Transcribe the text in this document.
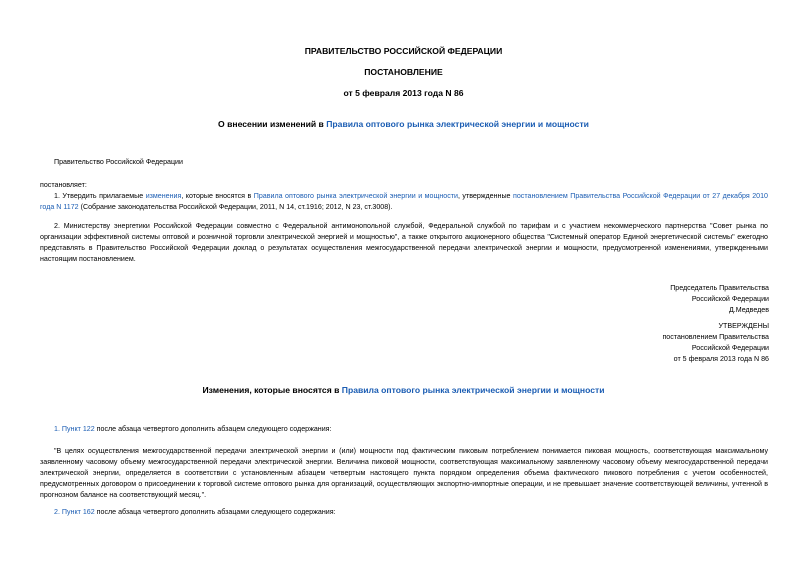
ПРАВИТЕЛЬСТВО РОССИЙСКОЙ ФЕДЕРАЦИИ
ПОСТАНОВЛЕНИЕ
от 5 февраля 2013 года N 86
О внесении изменений в Правила оптового рынка электрической энергии и мощности
Правительство Российской Федерации
постановляет:
1. Утвердить прилагаемые изменения, которые вносятся в Правила оптового рынка электрической энергии и мощности, утвержденные постановлением Правительства Российской Федерации от 27 декабря 2010 года N 1172 (Собрание законодательства Российской Федерации, 2011, N 14, ст.1916; 2012, N 23, ст.3008).
2. Министерству энергетики Российской Федерации совместно с Федеральной антимонопольной службой, Федеральной службой по тарифам и с участием некоммерческого партнерства "Совет рынка по организации эффективной системы оптовой и розничной торговли электрической энергией и мощностью", а также открытого акционерного общества "Системный оператор Единой энергетической системы" ежегодно представлять в Правительство Российской Федерации доклад о результатах осуществления межгосударственной передачи электрической энергии и мощности, предусмотренной изменениями, утвержденными настоящим постановлением.
Председатель Правительства
Российской Федерации
Д.Медведев
УТВЕРЖДЕНЫ
постановлением Правительства
Российской Федерации
от 5 февраля 2013 года N 86
Изменения, которые вносятся в Правила оптового рынка электрической энергии и мощности
1. Пункт 122 после абзаца четвертого дополнить абзацем следующего содержания:
"В целях осуществления межгосударственной передачи электрической энергии и (или) мощности под фактическим пиковым потреблением понимается пиковая мощность, соответствующая максимальному заявленному часовому объему межгосударственной передачи электрической энергии. Величина пиковой мощности, соответствующая максимальному заявленному часовому объему межгосударственной передачи электрической энергии, определяется в соответствии с установленным абзацем четвертым настоящего пункта порядком определения объема фактического пикового потребления с учетом особенностей, предусмотренных договором о присоединении к торговой системе оптового рынка для организаций, осуществляющих экспортно-импортные операции, и не превышает значение соответствующей величины, учтенной в прогнозном балансе на соответствующий месяц.".
2. Пункт 162 после абзаца четвертого дополнить абзацами следующего содержания:
